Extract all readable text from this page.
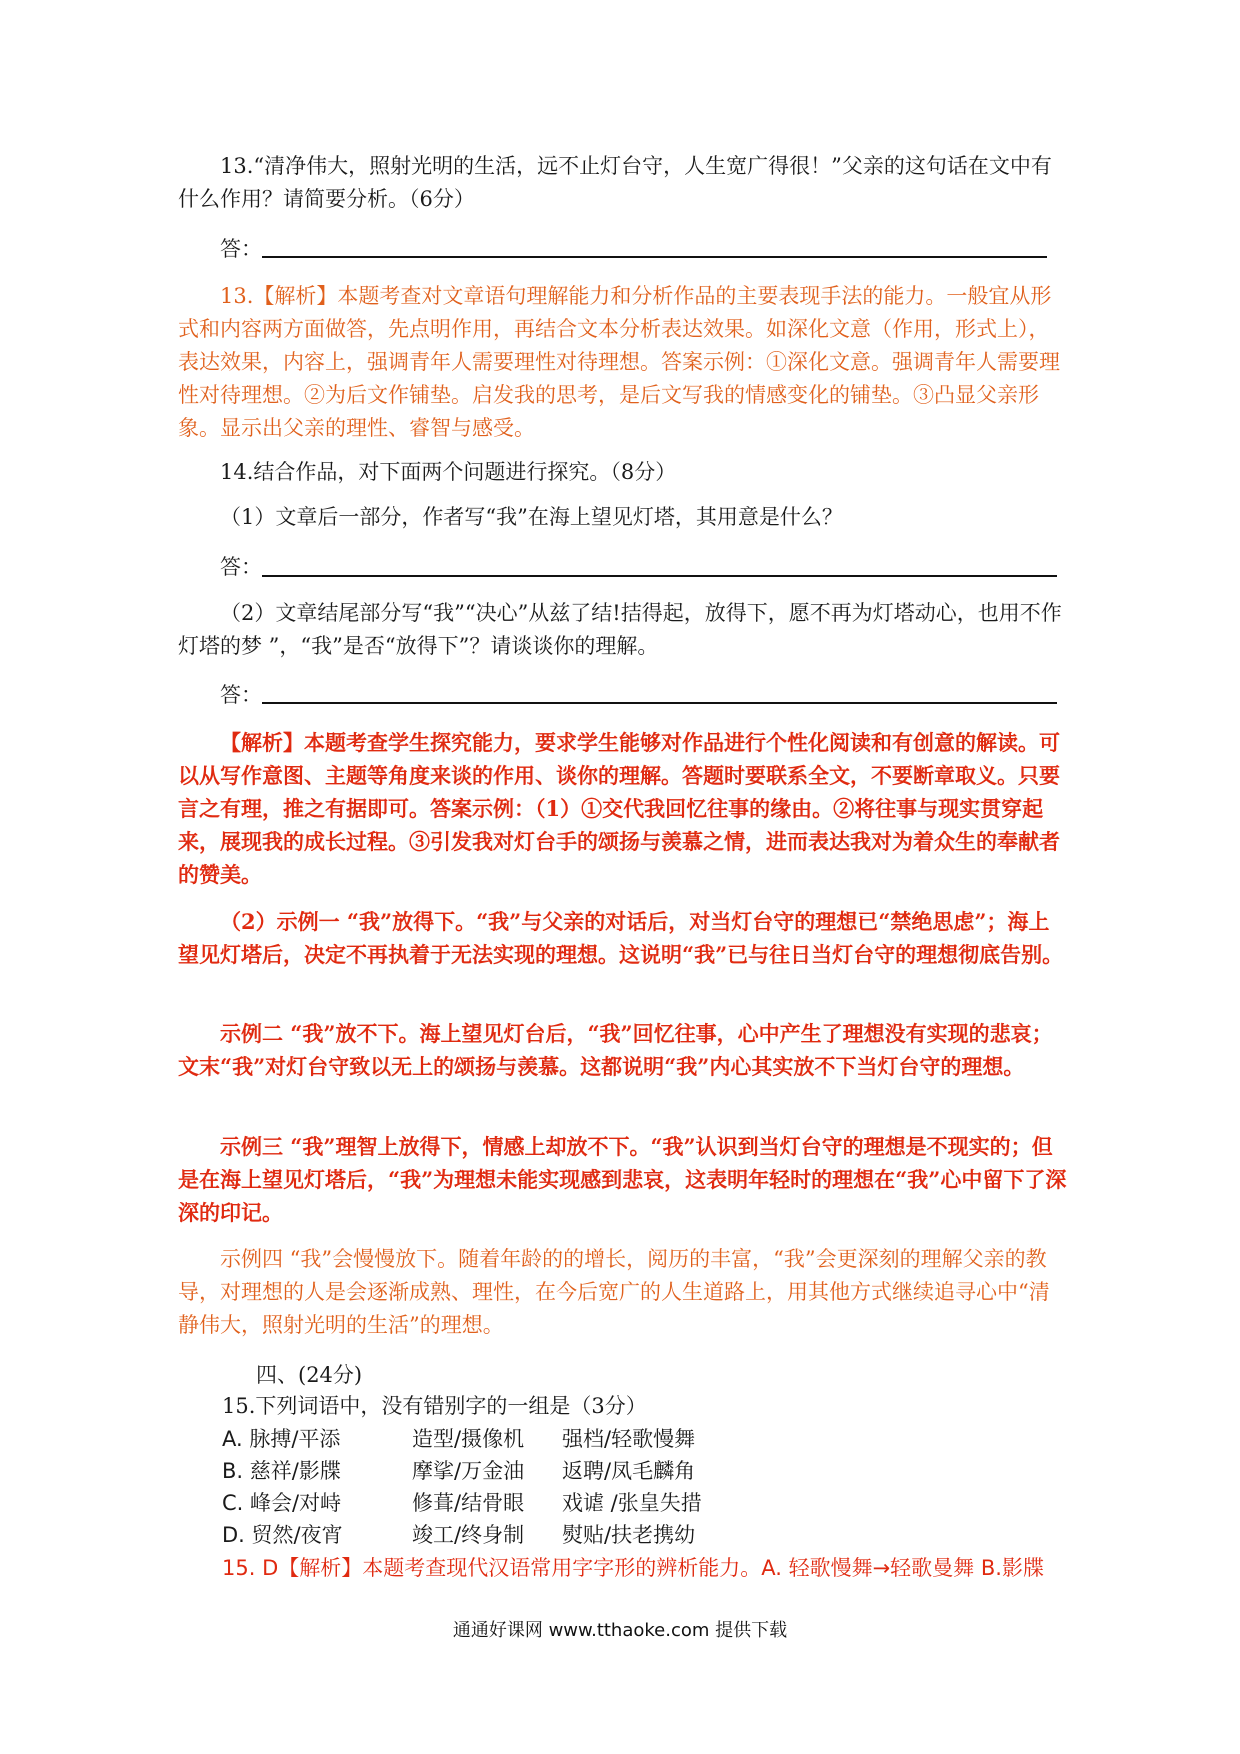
13.“清净伟大，照射光明的生活，远不止灯台守，人生宽广得很！”父亲的这句话在文中有什么作用？请简要分析。（6分）

答：

13.【解析】本题考查对文章语句理解能力和分析作品的主要表现手法的能力。一般宜从形式和内容两方面做答，先点明作用，再结合文本分析表达效果。如深化文意（作用，形式上），表达效果，内容上，强调青年人需要理性对待理想。答案示例：①深化文意。强调青年人需要理性对待理想。②为后文作铺垫。启发我的思考，是后文写我的情感变化的铺垫。③凸显父亲形象。显示出父亲的理性、睿智与感受。

14.结合作品，对下面两个问题进行探究。（8分）

（1）文章后一部分，作者写“我”在海上望见灯塔，其用意是什么？

答：

（2）文章结尾部分写“我”“决心”从兹了结!拮得起，放得下，愿不再为灯塔动心，也用不作灯塔的梦 ”，“我”是否“放得下”？请谈谈你的理解。

答：

【解析】本题考查学生探究能力，要求学生能够对作品进行个性化阅读和有创意的解读。可以从写作意图、主题等角度来谈的作用、谈你的理解。答题时要联系全文，不要断章取义。只要言之有理，推之有据即可。答案示例：（1）①交代我回忆往事的缘由。②将往事与现实贯穿起来，展现我的成长过程。③引发我对灯台手的颂扬与羡慕之情，进而表达我对为着众生的奉献者的赞美。

（2）示例一 “我”放得下。“我”与父亲的对话后，对当灯台守的理想已“禁绝思虑”；海上望见灯塔后，决定不再执着于无法实现的理想。这说明“我”已与往日当灯台守的理想彻底告别。

示例二 “我”放不下。海上望见灯台后，“我”回忆往事，心中产生了理想没有实现的悲哀；文末“我”对灯台守致以无上的颂扬与羡慕。这都说明“我”内心其实放不下当灯台守的理想。

示例三 “我”理智上放得下，情感上却放不下。“我”认识到当灯台守的理想是不现实的；但是在海上望见灯塔后，“我”为理想未能实现感到悲哀，这表明年轻时的理想在“我”心中留下了深深的印记。

示例四 “我”会慢慢放下。随着年龄的的增长，阅历的丰富，“我”会更深刻的理解父亲的教导，对理想的人是会逐渐成熟、理性，在今后宽广的人生道路上，用其他方式继续追寻心中“清静伟大，照射光明的生活”的理想。

四、(24分)
15.下列词语中，没有错别字的一组是（3分）
A. 脉搏/平添	造型/摄像机 强档/轻歌慢舞
B. 慈祥/影牒	摩挲/万金油 返聘/凤毛麟角
C. 峰会/对峙	修葺/结骨眼 戏谑 /张皇失措
D. 贸然/夜宵	竣工/终身制 熨贴/扶老携幼
15. D【解析】本题考查现代汉语常用字字形的辨析能力。A. 轻歌慢舞→轻歌曼舞 B.影牒
通通好课网 www.tthaoke.com 提供下载
